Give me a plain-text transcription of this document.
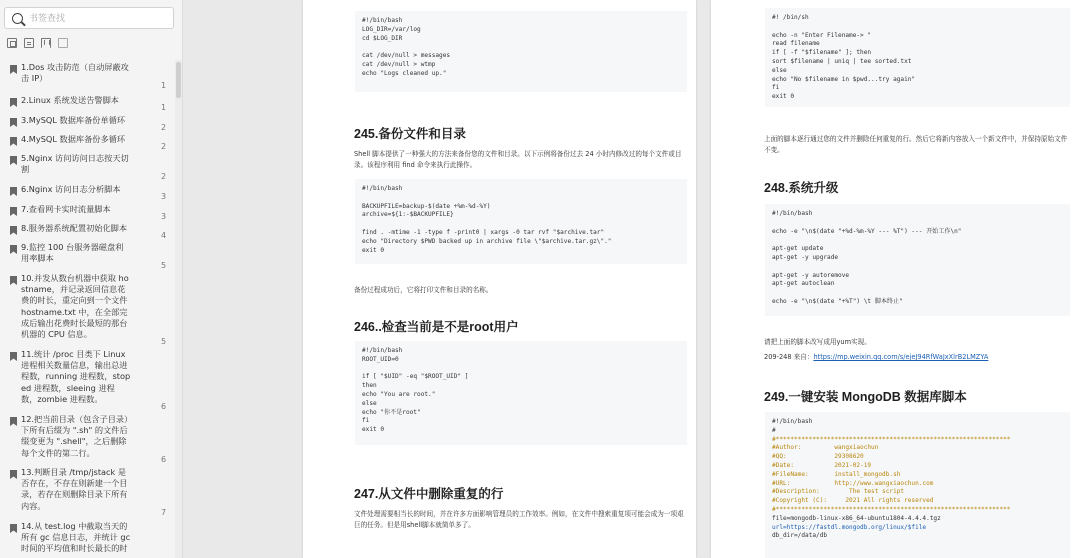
书签查找
1.Dos 攻击防范（自动屏蔽攻击 IP）
1
2.Linux 系统发送告警脚本
1
3.MySQL 数据库备份单循环
2
4.MySQL 数据库备份多循环
2
5.Nginx 访问访问日志按天切割
2
6.Nginx 访问日志分析脚本
3
7.查看网卡实时流量脚本
3
8.服务器系统配置初始化脚本
4
9.监控 100 台服务器磁盘利用率脚本
5
10.并发从数台机器中获取 hostname，并记录返回信息花费的时长，重定向到一个文件 hostname.txt 中，在全部完成后输出花费时长最短的那台机器的 CPU 信息。
5
11.统计 /proc 目类下 Linux 进程相关数量信息，输出总进程数，running 进程数，stoped 进程数，sleeing 进程数，zombie 进程数。
6
12.把当前目录（包含子目录）下所有后缀为 ".sh" 的文件后缀变更为 ".shell"，之后删除每个文件的第二行。
6
13.判断目录 /tmp/jstack 是否存在，不存在则新建一个目录，若存在则删除目录下所有内容。
7
14.从 test.log 中截取当天的所有 gc 信息日志，并统计 gc 时间的平均值和时长最长的时
#!/bin/bash
LOG_DIR=/var/log
cd $LOG_DIR

cat /dev/null > messages
cat /dev/null > wtmp
echo "Logs cleaned up."
245.备份文件和目录
Shell 脚本提供了一种强大的方法来备份您的文件和目录。以下示例将备份过去 24 小时内修改过的每个文件或目录。该程序利用 find 命令来执行此操作。
#!/bin/bash

BACKUPFILE=backup-$(date +%m-%d-%Y)
archive=${1:-$BACKUPFILE}

find . -mtime -1 -type f -print0 | xargs -0 tar rvf "$archive.tar"
echo "Directory $PWD backed up in archive file \"$archive.tar.gz\"."
exit 0
备份过程成功后，它将打印文件和目录的名称。
246..检查当前是不是root用户
#!/bin/bash
ROOT_UID=0

if [ "$UID" -eq "$ROOT_UID" ]
then
echo "You are root."
else
echo "你不是root"
fi
exit 0
247.从文件中删除重复的行
文件处理需要相当长的时间，并在许多方面影响管理员的工作效率。例如，在文件中搜索重复项可能会成为一项艰巨的任务。但是用shell脚本就简单多了。
#! /bin/sh

echo -n "Enter Filename-> "
read filename
if [ -f "$filename" ]; then
sort $filename | uniq | tee sorted.txt
else
echo "No $filename in $pwd...try again"
fi
exit 0
上面的脚本逐行通过您的文件并删除任何重复的行。然后它将新内容放入一个新文件中，并保持原始文件不变。
248.系统升级
#!/bin/bash

echo -e "\n$(date "+%d-%m-%Y --- %T") --- 开始工作\n"

apt-get update
apt-get -y upgrade

apt-get -y autoremove
apt-get autoclean

echo -e "\n$(date "+%T") \t 脚本终止"
请把上面的脚本改写成用yum实现。
209-248 来自：https://mp.weixin.qq.com/s/ejeJ94RfWaJxXlrB2LMZYA
249.一键安装 MongoDB 数据库脚本
#!/bin/bash
#
#****************************************************************
#Author:         wangxiaochun
#QQ:             29308620
#Date:           2021-02-19
#FileName:       install_mongodb.sh
#URL:            http://www.wangxiaochun.com
#Description:        The test script
#Copyright (C):     2021 All rights reserved
#****************************************************************
file=mongodb-linux-x86_64-ubuntu1804-4.4.4.tgz
url=https://fastdl.mongodb.org/linux/$file
db_dir=/data/db
